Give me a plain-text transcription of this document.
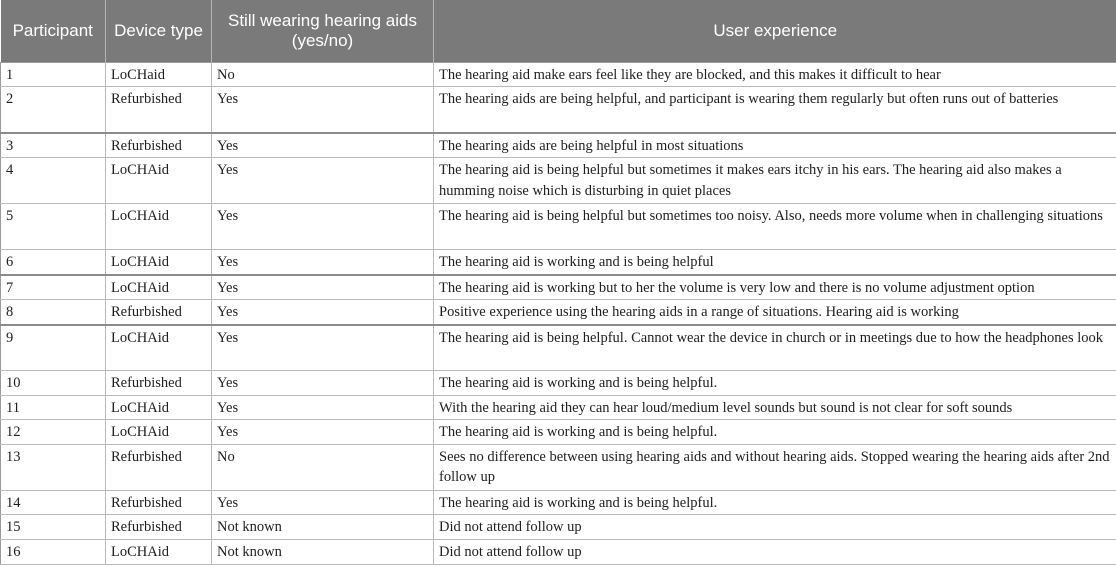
Participant	Device type	Still wearing hearing aids (yes/no)	User experience
1	LoCHaid	No	The hearing aid make ears feel like they are blocked, and this makes it difficult to hear
2	Refurbished	Yes	The hearing aids are being helpful, and participant is wearing them regularly but often runs out of batteries
3	Refurbished	Yes	The hearing aids are being helpful in most situations
4	LoCHAid	Yes	The hearing aid is being helpful but sometimes it makes ears itchy in his ears. The hearing aid also makes a humming noise which is disturbing in quiet places
5	LoCHAid	Yes	The hearing aid is being helpful but sometimes too noisy. Also, needs more volume when in challenging situations
6	LoCHAid	Yes	The hearing aid is working and is being helpful
7	LoCHAid	Yes	The hearing aid is working but to her the volume is very low and there is no volume adjustment option
8	Refurbished	Yes	Positive experience using the hearing aids in a range of situations. Hearing aid is working
9	LoCHAid	Yes	The hearing aid is being helpful. Cannot wear the device in church or in meetings due to how the headphones look
10	Refurbished	Yes	The hearing aid is working and is being helpful.
11	LoCHAid	Yes	With the hearing aid they can hear loud/medium level sounds but sound is not clear for soft sounds
12	LoCHAid	Yes	The hearing aid is working and is being helpful.
13	Refurbished	No	Sees no difference between using hearing aids and without hearing aids. Stopped wearing the hearing aids after 2nd follow up
14	Refurbished	Yes	The hearing aid is working and is being helpful.
15	Refurbished	Not known	Did not attend follow up
16	LoCHAid	Not known	Did not attend follow up
